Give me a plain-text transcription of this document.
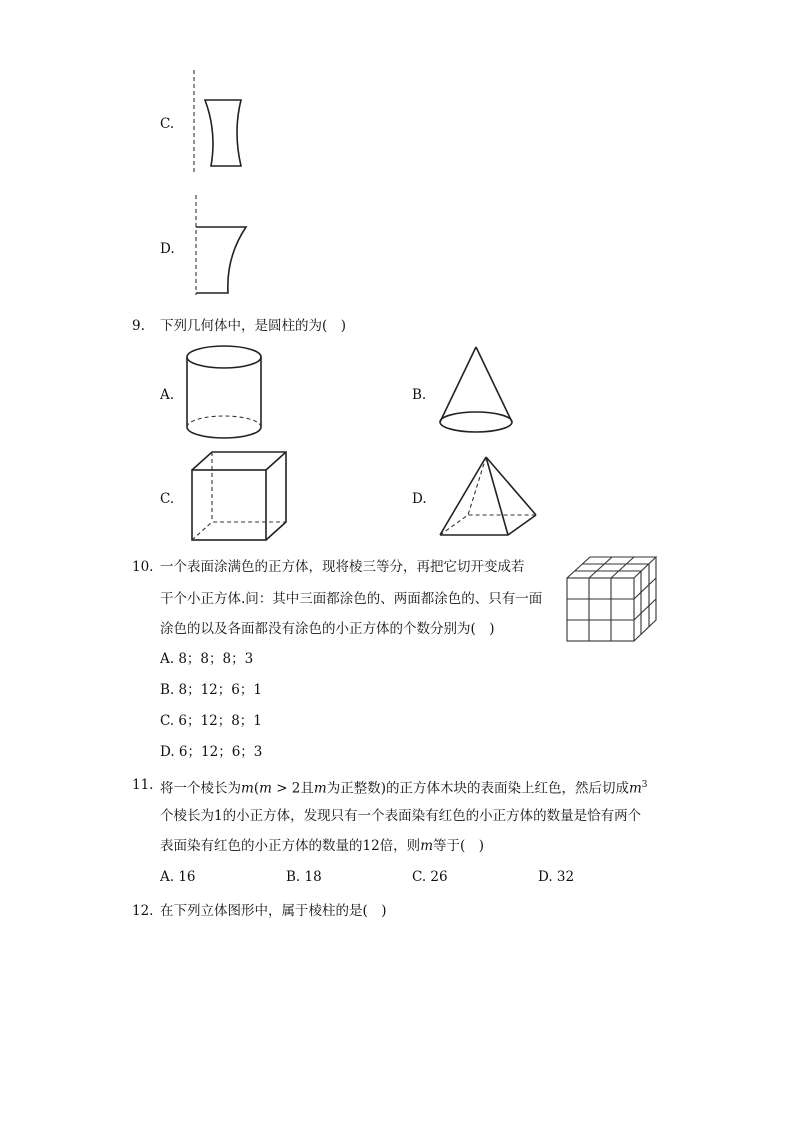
C.
D.
9. 下列几何体中，是圆柱的为(　)
A.	B.
C.	D.
10. 一个表面涂满色的正方体，现将棱三等分，再把它切开变成若
干个小正方体.问：其中三面都涂色的、两面都涂色的、只有一面
涂色的以及各面都没有涂色的小正方体的个数分别为(　)
A. 8；8；8；3
B. 8；12；6；1
C. 6；12；8；1
D. 6；12；6；3
11. 将一个棱长为m(m > 2且m为正整数)的正方体木块的表面染上红色，然后切成$m^3$
个棱长为1的小正方体，发现只有一个表面染有红色的小正方体的数量是恰有两个
表面染有红色的小正方体的数量的12倍，则m等于(　)
A. 16	B. 18	C. 26	D. 32
12. 在下列立体图形中，属于棱柱的是(　)
